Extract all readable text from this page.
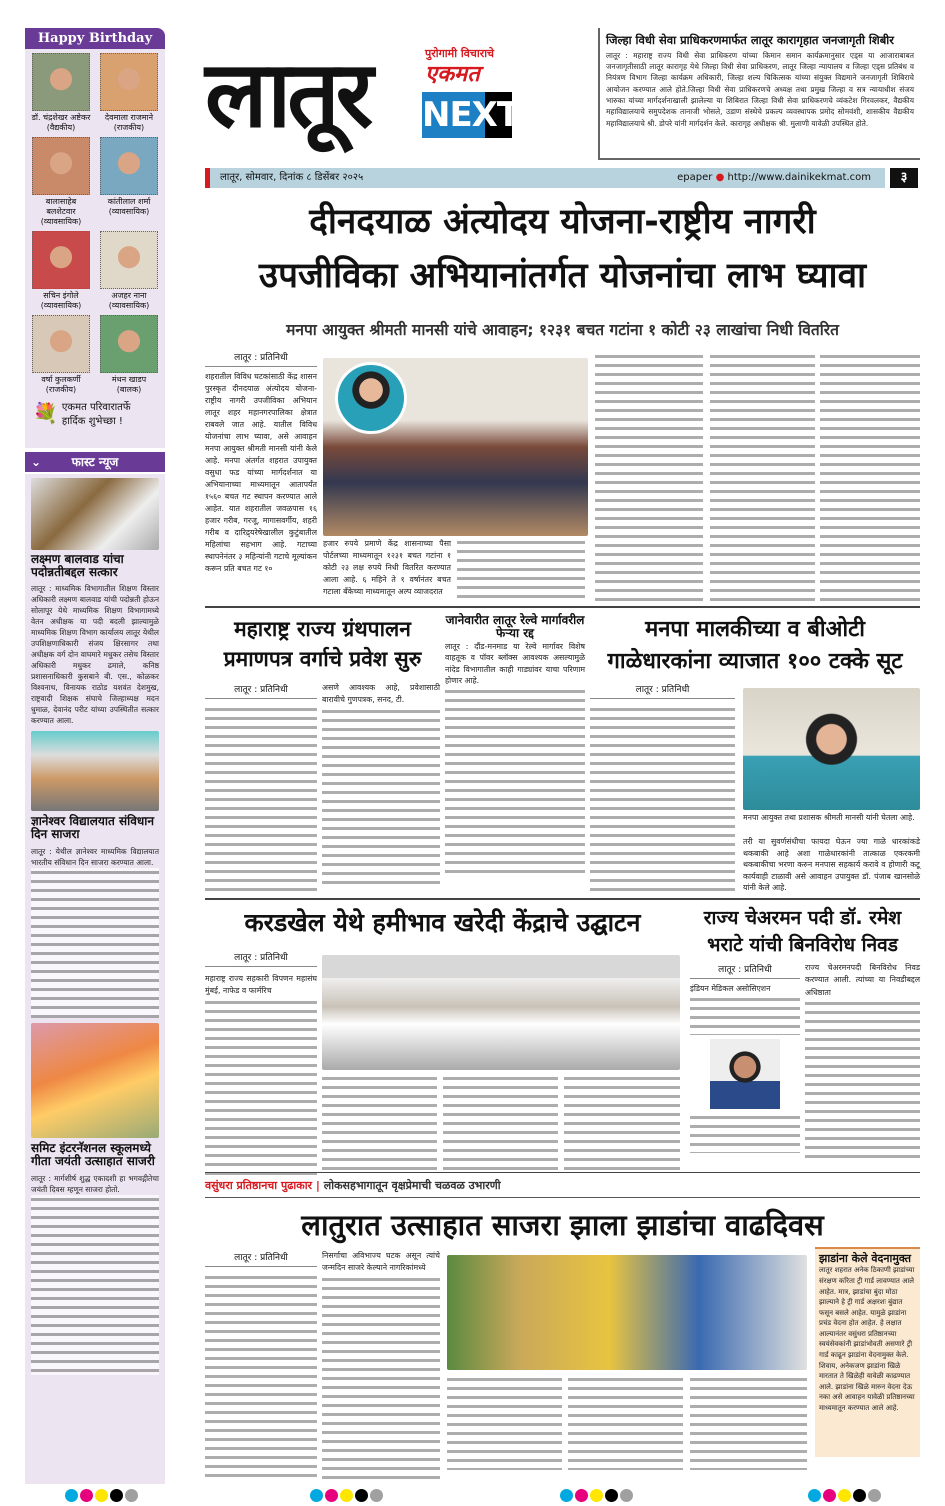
Happy Birthday
डॉ. चंद्रशेखर अष्टेकर
(वैद्यकीय)
देवमाला राजमाने
(राजकीय)
बालासाहेब बलशेटवार
(व्यावसायिक)
कांतीलाल शर्मा
(व्यावसायिक)
सचिन इंगोले
(व्यावसायिक)
अजहर नाना
(व्यावसायिक)
वर्षा कुलकर्णी
(राजकीय)
मंथन खाडप
(बालक)
💐 एकमत परिवारातर्फे
हार्दिक शुभेच्छा !
⌄	फास्ट न्यूज
लक्ष्मण बालवाड यांचा पदोन्नतीबद्दल सत्कार
लातूर : माध्यमिक विभागातील शिक्षण विस्तार अधिकारी लक्ष्मण बालवाड यांची पदोन्नती होऊन सोलापूर येथे माध्यमिक शिक्षण विभागामध्ये वेतन अधीक्षक या पदी बदली झाल्यामुळे माध्यमिक शिक्षण विभाग कार्यालय लातूर येथील उपशिक्षणाधिकारी संजय क्षिरसागर तथा अधीक्षक वर्ग दोन वाघमारे मधुकर तसेच विस्तार अधिकारी मधुकर ढमाले, कनिष्ठ प्रशासनाधिकारी कुसबाने बी. एस., कोळकर विश्वनाथ, विनायक राठोड यशवंत देशमुख, राष्ट्रवादी शिक्षक संघाचे जिल्हाध्यक्ष मदन धुमाळ, देवानंद परीट यांच्या उपस्थितीत सत्कार करण्यात आला.
ज्ञानेश्वर विद्यालयात संविधान दिन साजरा
लातूर : येथील ज्ञानेश्वर माध्यमिक विद्यालयात भारतीय संविधान दिन साजरा करण्यात आला.
समिट इंटरनॅशनल स्कूलमध्ये गीता जयंती उत्साहात साजरी
लातूर : मार्गशीर्ष शुद्ध एकादशी हा भगवद्गीतेचा जयंती दिवस म्हणून साजरा होतो.
लातूर	पुरोगामी विचाराचे
एकमत
NEXT
जिल्हा विधी सेवा प्राधिकरणमार्फत लातूर कारागृहात जनजागृती शिबीर
लातूर : महाराष्ट्र राज्य विधी सेवा प्राधिकरण यांच्या किमान समान कार्यक्रमानुसार एड्स या आजाराबाबत जनजागृतीसाठी लातूर कारागृह येथे जिल्हा विधी सेवा प्राधिकरण, लातूर जिल्हा न्यायालय व जिल्हा एड्स प्रतिबंध व नियंत्रण विभाग जिल्हा कार्यक्रम अधिकारी, जिल्हा शल्य चिकित्सक यांच्या संयुक्त विद्यमाने जनजागृती शिबिराचे आयोजन करण्यात आले होते.जिल्हा विधी सेवा प्राधिकरणचे अध्यक्ष तथा प्रमुख जिल्हा व सत्र न्यायाधीश संजय भारुका यांच्या मार्गदर्शनाखाली झालेल्या या शिबिरात जिल्हा विधी सेवा प्राधिकरणचे व्यंकटेश गिरवलकर, वैद्यकीय महाविद्यालयाचे समुपदेशक तानाजी भोसले, उडाण संस्थेचे प्रकल्प व्यवस्थापक प्रमोद सोमवंशी, शासकीय वैद्यकीय महाविद्यालयाचे श्री. डोपरे यांनी मार्गदर्शन केले. कारागृह अधीक्षक श्री. मुलाणी यावेळी उपस्थित होते.
लातूर, सोमवार, दिनांक ८ डिसेंबर २०२५	epaper ● http://www.dainikekmat.com	३
दीनदयाळ अंत्योदय योजना-राष्ट्रीय नागरी
उपजीविका अभियानांतर्गत योजनांचा लाभ घ्यावा
मनपा आयुक्त श्रीमती मानसी यांचे आवाहन; १२३१ बचत गटांना १ कोटी २३ लाखांचा निधी वितरित
लातूर : प्रतिनिधी
शहरातील विविध घटकांसाठी केंद्र शासन पुरस्कृत दीनदयाळ अंत्योदय योजना-राष्ट्रीय नागरी उपजीविका अभियान लातूर शहर महानगरपालिका क्षेत्रात राबवले जात आहे. यातील विविध योजनांचा लाभ घ्यावा, असे आवाहन मनपा आयुक्त श्रीमती मानसी यांनी केले आहे. मनपा अंतर्गत शहरात उपायुक्त वसुधा फड यांच्या मार्गदर्शनात या अभियानाच्या माध्यमातून आतापर्यंत १५६० बचत गट स्थापन करण्यात आले आहेत. यात शहरातील जवळपास १६ हजार गरीब, गरजू, मागासवर्गीय, शहरी गरीब व दारिद्र्यरेषेखालील कुटुंबातील महिलांचा सहभाग आहे. गटाच्या स्थापनेनंतर ३ महिन्यांनी गटाचे मूल्यांकन करून प्रति बचत गट १०
हजार रुपये प्रमाणे केंद्र शासनाच्या पैसा पोर्टलच्या माध्यमातून १२३१ बचत गटांना १ कोटी २३ लक्ष रुपये निधी वितरित करण्यात आला आहे. ६ महिने ते १ वर्षानंतर बचत गटाला बँकेच्या माध्यमातून अल्प व्याजदरात
महाराष्ट्र राज्य ग्रंथपालन प्रमाणपत्र वर्गाचे प्रवेश सुरु
लातूर : प्रतिनिधी	असणे आवश्यक आहे, प्रवेशासाठी बारावीचे गुणपत्रक, सनद, टी.
जानेवारीत लातूर रेल्वे मार्गावरील फेऱ्या रद्द
लातूर : दौंड-मनमाड या रेल्वे मार्गावर विशेष वाहतूक व पॉवर ब्लॉक्स आवश्यक असल्यामुळे नांदेड विभागातील काही गाड्यांवर याचा परिणाम होणार आहे.
मनपा मालकीच्या व बीओटी
गाळेधारकांना व्याजात १०० टक्के सूट
लातूर : प्रतिनिधी
मनपा आयुक्त तथा प्रशासक श्रीमती मानसी यांनी घेतला आहे.
तरी या सुवर्णसंधीचा फायदा घेऊन ज्या गाळे धारकांकडे थकबाकी आहे अशा गाळेधारकांनी तात्काळ एकरकमी थकबाकीचा भरणा करुन मनपास सहकार्य करावे व होणारी कटू कार्यवाही टाळावी असे आवाहन उपायुक्त डॉ. पंजाब खानसोळे यांनी केले आहे.
करडखेल येथे हमीभाव खरेदी केंद्राचे उद्घाटन
लातूर : प्रतिनिधी
महाराष्ट्र राज्य सहकारी विपणन महासंघ मुंबई, नाफेड व फार्मरिच
राज्य चेअरमन पदी डॉ. रमेश भराटे यांची बिनविरोध निवड
लातूर : प्रतिनिधी
इंडियन मेडिकल असोसिएशन
राज्य चेअरमनपदी बिनविरोध निवड करण्यात आली. त्यांच्या या निवडीबद्दल अधिष्ठाता
वसुंधरा प्रतिष्ठानचा पुढाकार | लोकसहभागातून वृक्षप्रेमाची चळवळ उभारणी
लातुरात उत्साहात साजरा झाला झाडांचा वाढदिवस
लातूर : प्रतिनिधी	निसर्गाचा अविभाज्य घटक असून त्यांचे जन्मदिन साजरे केल्याने नागरिकांमध्ये
झाडांना केले वेदनामुक्त
लातूर शहरात अनेक ठिकाणी झाडांच्या संरक्षण करिता ट्री गार्ड लावण्यात आले आहेत. मात्र, झाडांचा बुंदा मोठा झाल्याने हे ट्री गार्ड अक्षरशः बुंद्यात फसून बसले आहेत. यामुळे झाडांना प्रचंड वेदना होत आहेत. हे लक्षात आल्यानंतर वसुंधरा प्रतिष्ठानच्या स्वयंसेवकांनी झाडांभोवती असणारे ट्री गार्ड काढून झाडांना वेदनामुक्त केले. शिवाय, अनेकजण झाडांना खिळे मारतात ते खिळेही यावेळी काढण्यात आले. झाडांना खिळे मारुन वेदना देऊ नका असे आवाहन यावेळी प्रतिष्ठानच्या माध्यमातून करण्यात आले आहे.
